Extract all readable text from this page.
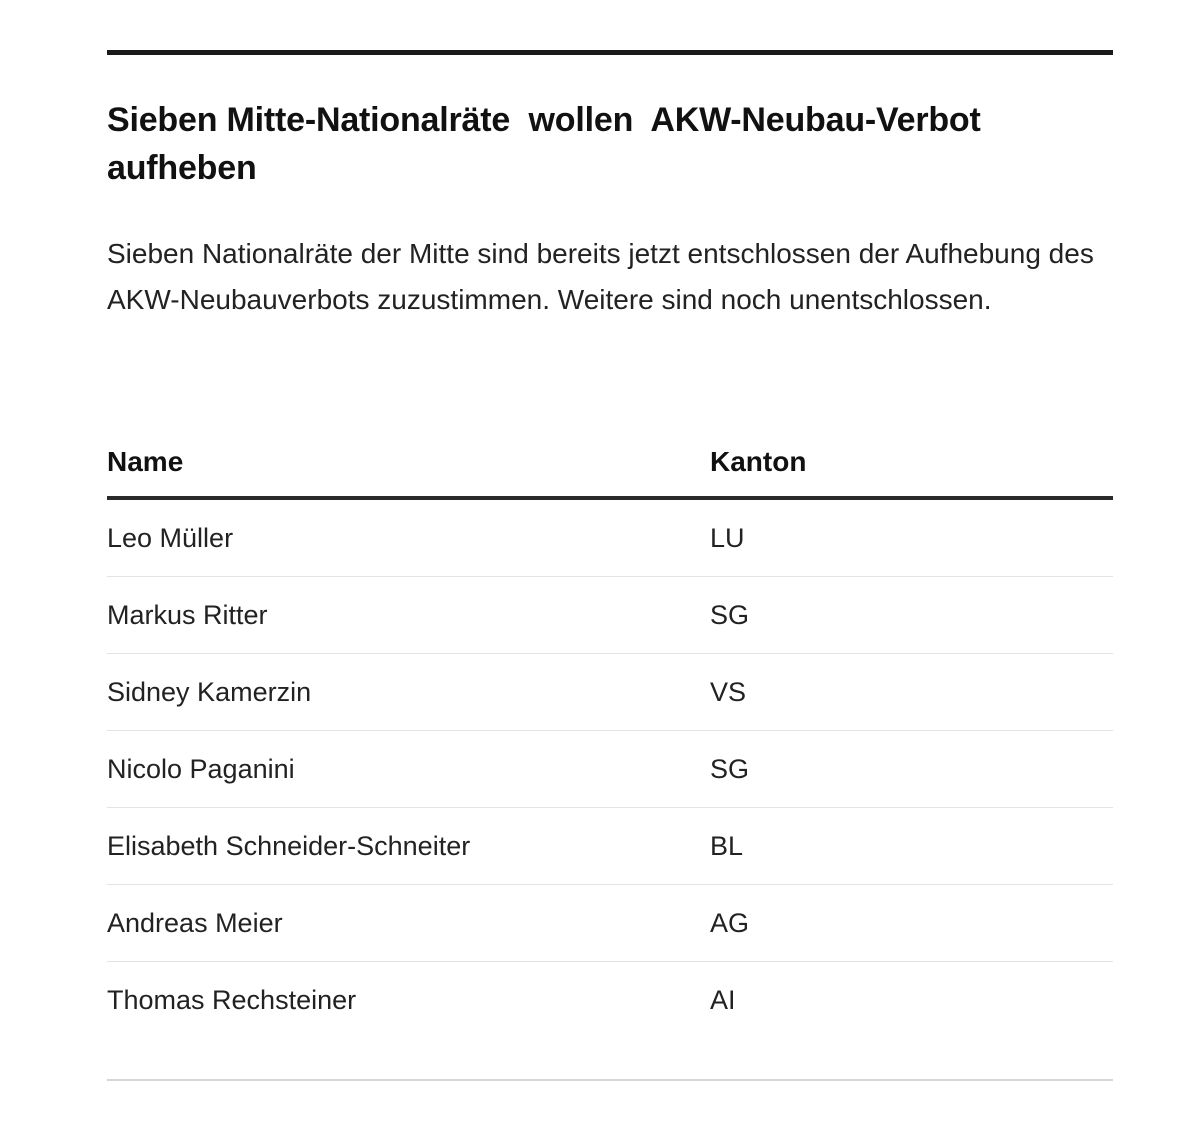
Sieben Mitte-Nationalräte  wollen  AKW-Neubau-Verbot aufheben

Sieben Nationalräte der Mitte sind bereits jetzt entschlossen der Aufhebung des AKW-Neubauverbots zuzustimmen. Weitere sind noch unentschlossen.

Name	Kanton
Leo Müller	LU
Markus Ritter	SG
Sidney Kamerzin	VS
Nicolo Paganini	SG
Elisabeth Schneider-Schneiter	BL
Andreas Meier	AG
Thomas Rechsteiner	AI
